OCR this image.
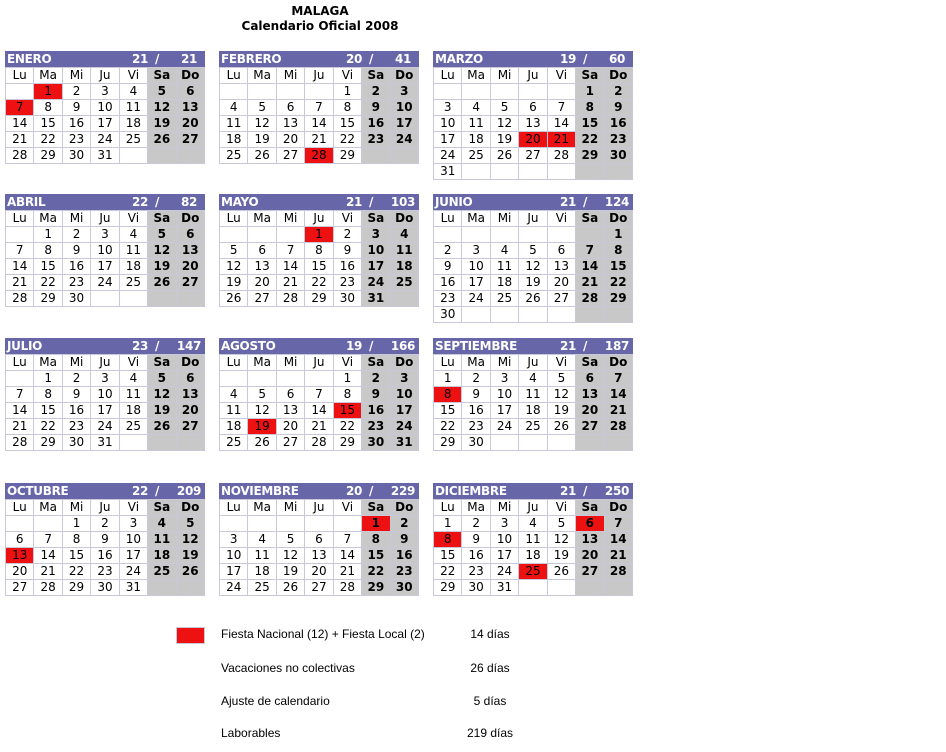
MALAGA
Calendario Oficial 2008
ENERO	21 /	21
Lu	Ma	Mi	Ju	Vi	Sa	Do
	1	2	3	4	5	6
7	8	9	10	11	12	13
14	15	16	17	18	19	20
21	22	23	24	25	26	27
28	29	30	31			
FEBRERO	20 /	41
Lu	Ma	Mi	Ju	Vi	Sa	Do
				1	2	3
4	5	6	7	8	9	10
11	12	13	14	15	16	17
18	19	20	21	22	23	24
25	26	27	28	29		
MARZO	19 /	60
Lu	Ma	Mi	Ju	Vi	Sa	Do
					1	2
3	4	5	6	7	8	9
10	11	12	13	14	15	16
17	18	19	20	21	22	23
24	25	26	27	28	29	30
31						
ABRIL	22 /	82
Lu	Ma	Mi	Ju	Vi	Sa	Do
	1	2	3	4	5	6
7	8	9	10	11	12	13
14	15	16	17	18	19	20
21	22	23	24	25	26	27
28	29	30				
MAYO	21 /	103
Lu	Ma	Mi	Ju	Vi	Sa	Do
			1	2	3	4
5	6	7	8	9	10	11
12	13	14	15	16	17	18
19	20	21	22	23	24	25
26	27	28	29	30	31	
JUNIO	21 /	124
Lu	Ma	Mi	Ju	Vi	Sa	Do
						1
2	3	4	5	6	7	8
9	10	11	12	13	14	15
16	17	18	19	20	21	22
23	24	25	26	27	28	29
30						
JULIO	23 /	147
Lu	Ma	Mi	Ju	Vi	Sa	Do
	1	2	3	4	5	6
7	8	9	10	11	12	13
14	15	16	17	18	19	20
21	22	23	24	25	26	27
28	29	30	31			
AGOSTO	19 /	166
Lu	Ma	Mi	Ju	Vi	Sa	Do
				1	2	3
4	5	6	7	8	9	10
11	12	13	14	15	16	17
18	19	20	21	22	23	24
25	26	27	28	29	30	31
SEPTIEMBRE	21 /	187
Lu	Ma	Mi	Ju	Vi	Sa	Do
1	2	3	4	5	6	7
8	9	10	11	12	13	14
15	16	17	18	19	20	21
22	23	24	25	26	27	28
29	30					
OCTUBRE	22 /	209
Lu	Ma	Mi	Ju	Vi	Sa	Do
		1	2	3	4	5
6	7	8	9	10	11	12
13	14	15	16	17	18	19
20	21	22	23	24	25	26
27	28	29	30	31		
NOVIEMBRE	20 /	229
Lu	Ma	Mi	Ju	Vi	Sa	Do
					1	2
3	4	5	6	7	8	9
10	11	12	13	14	15	16
17	18	19	20	21	22	23
24	25	26	27	28	29	30
DICIEMBRE	21 /	250
Lu	Ma	Mi	Ju	Vi	Sa	Do
1	2	3	4	5	6	7
8	9	10	11	12	13	14
15	16	17	18	19	20	21
22	23	24	25	26	27	28
29	30	31				
Fiesta Nacional (12) + Fiesta Local (2)	14 días
Vacaciones no colectivas	26 días
Ajuste de calendario	5 días
Laborables	219 días
